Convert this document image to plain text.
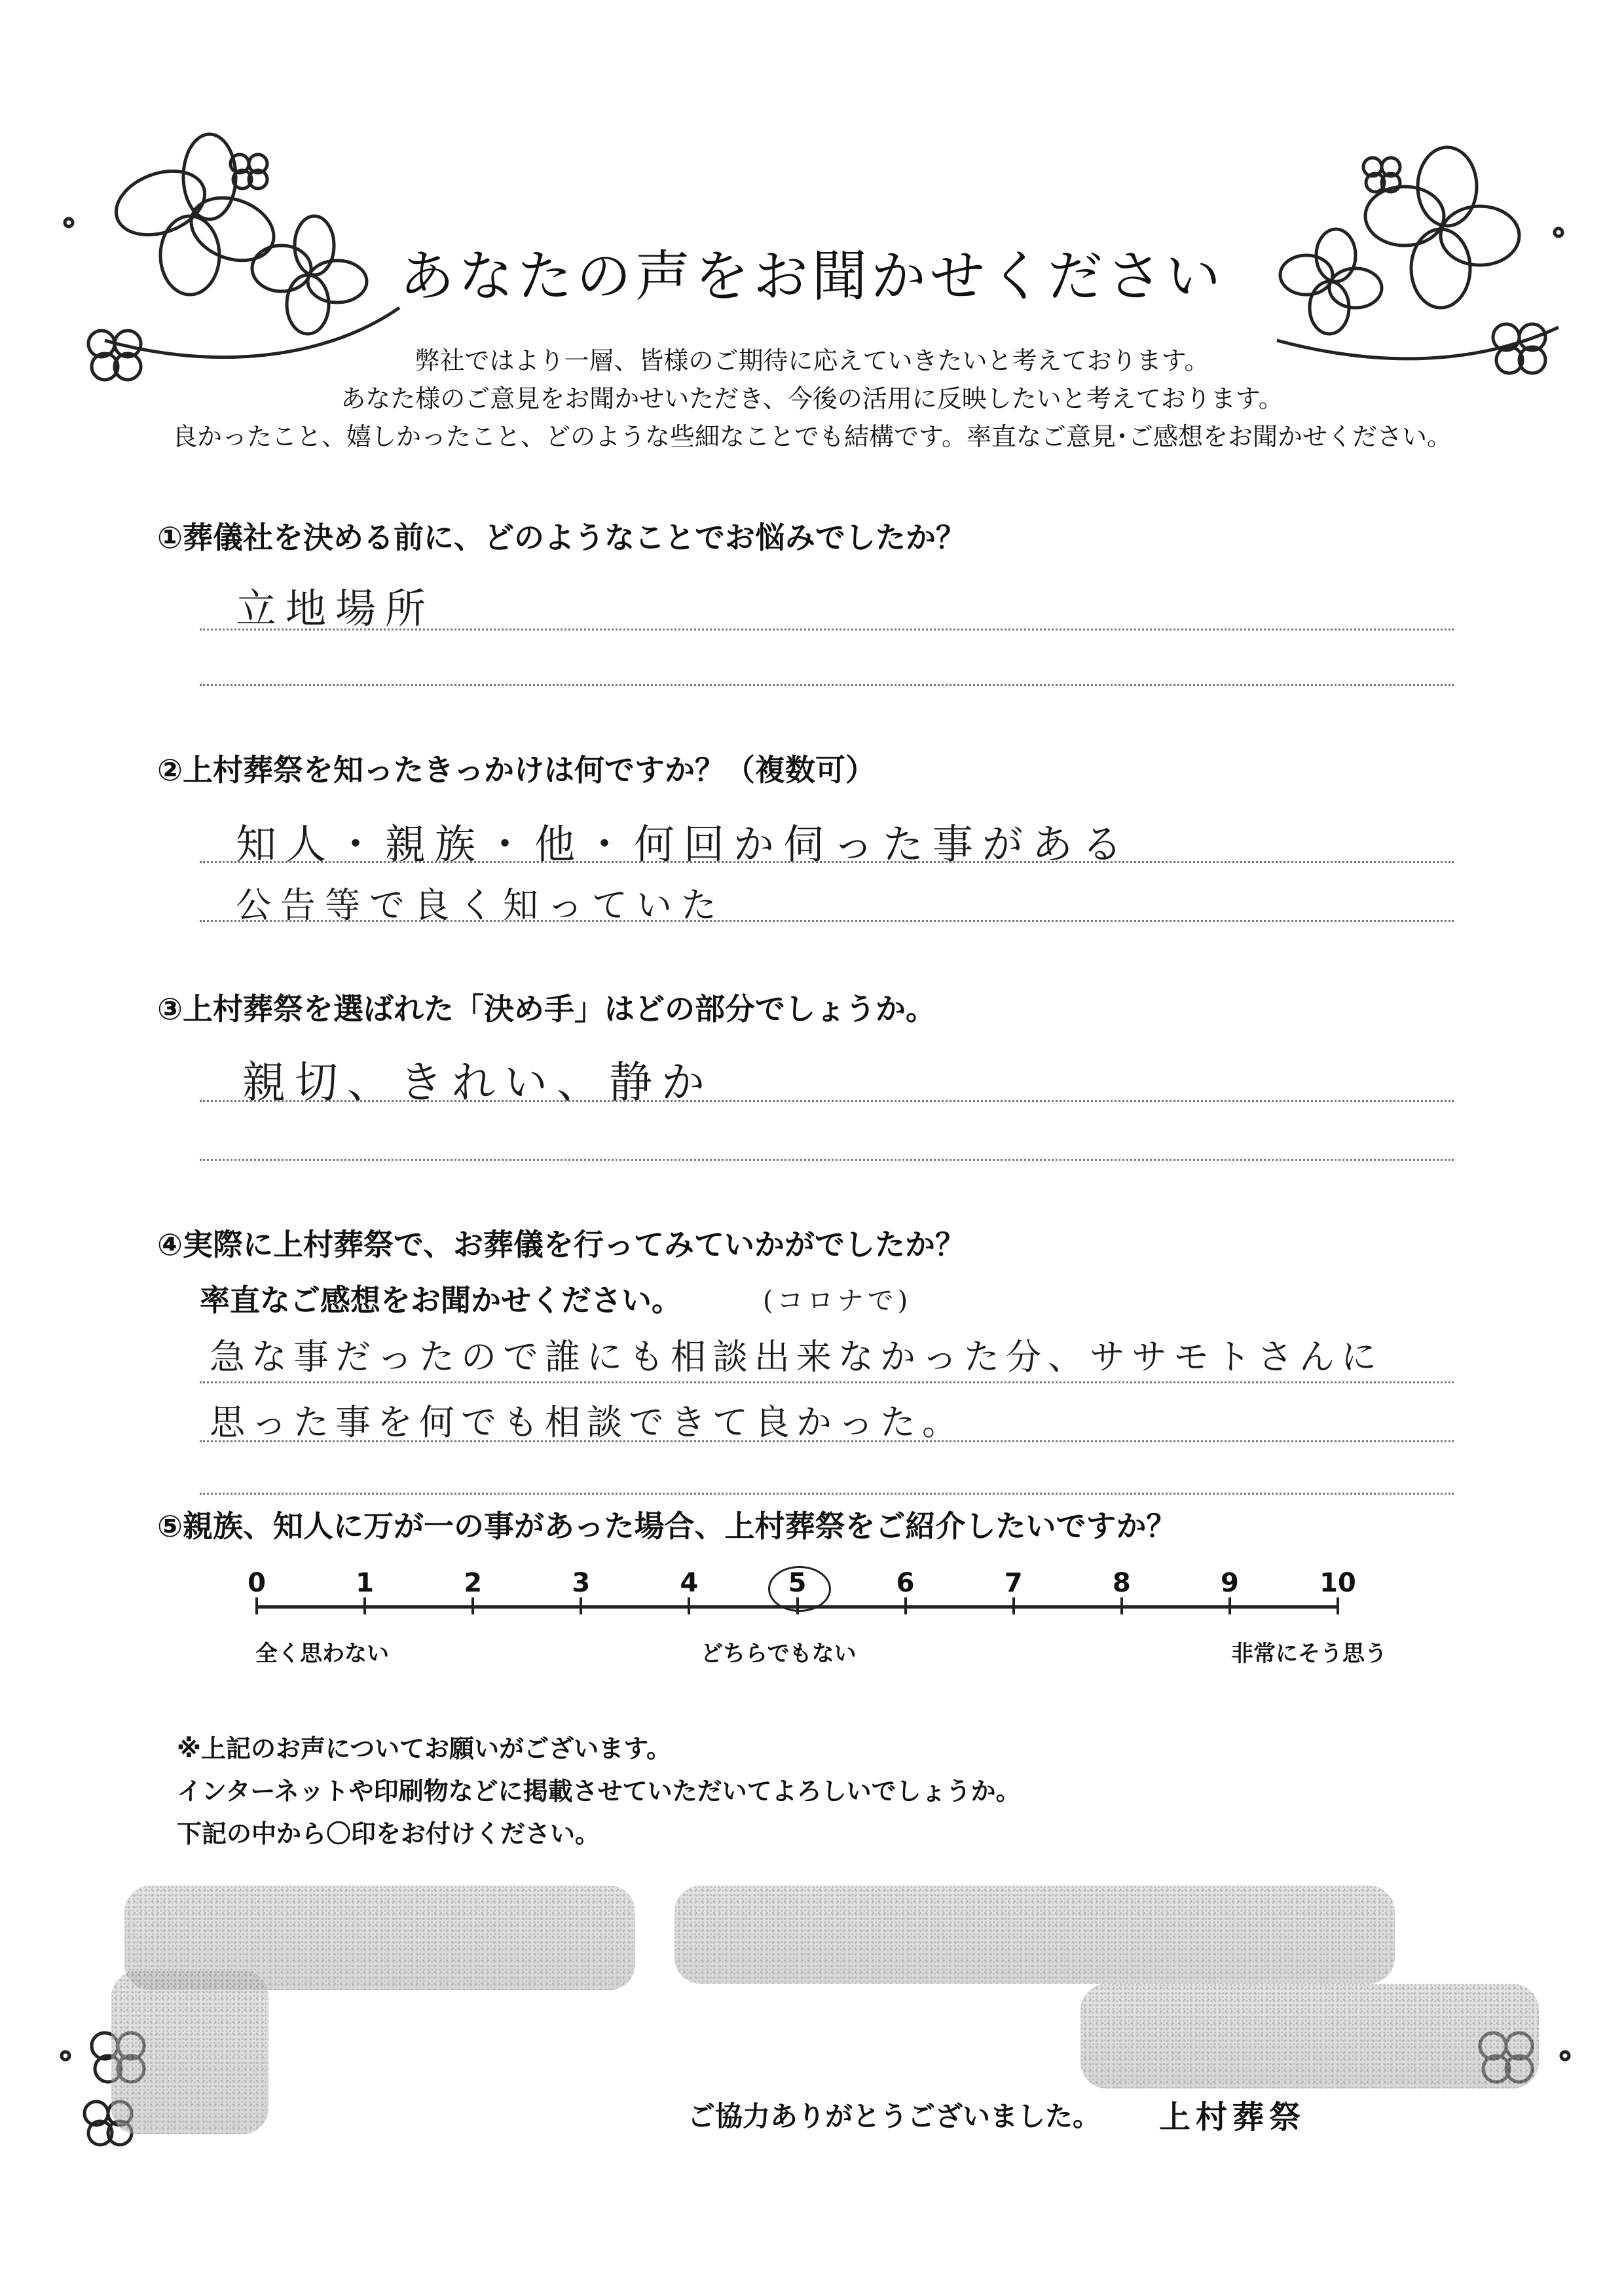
あなたの声をお聞かせください
弊社ではより一層、皆様のご期待に応えていきたいと考えております。
あなた様のご意見をお聞かせいただき、今後の活用に反映したいと考えております。
良かったこと、嬉しかったこと、どのような些細なことでも結構です。率直なご意見･ご感想をお聞かせください。
①葬儀社を決める前に、どのようなことでお悩みでしたか？
立地場所
②上村葬祭を知ったきっかけは何ですか？（複数可）
知人・親族・他・何回か伺った事がある
公告等で良く知っていた
③上村葬祭を選ばれた「決め手」はどの部分でしょうか。
親切、きれい、静か
④実際に上村葬祭で、お葬儀を行ってみていかがでしたか？
率直なご感想をお聞かせください。	(コロナで)
急な事だったので誰にも相談出来なかった分、ササモトさんに
思った事を何でも相談できて良かった。
⑤親族、知人に万が一の事があった場合、上村葬祭をご紹介したいですか？
0	1	2	3	4	5	6	7	8	9	10
全く思わない	どちらでもない	非常にそう思う
※上記のお声についてお願いがございます。
インターネットや印刷物などに掲載させていただいてよろしいでしょうか。
下記の中から〇印をお付けください。
ご協力ありがとうございました。 上村葬祭
